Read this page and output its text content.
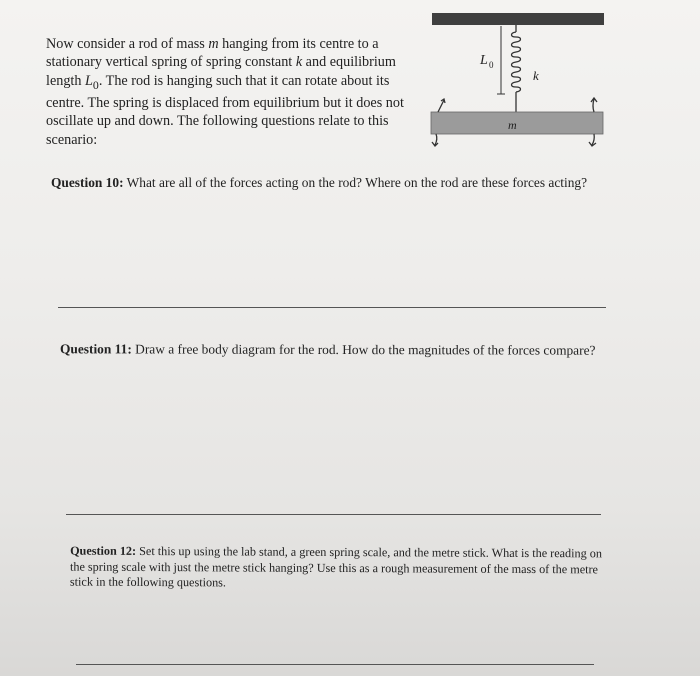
Now consider a rod of mass m hanging from its centre to a stationary vertical spring of spring constant k and equilibrium length $L_0$. The rod is hanging such that it can rotate about its centre. The spring is displaced from equilibrium but it does not oscillate up and down. The following questions relate to this scenario:
L 0
k
m
Question 10: What are all of the forces acting on the rod? Where on the rod are these forces acting?
Question 11: Draw a free body diagram for the rod. How do the magnitudes of the forces compare?
Question 12: Set this up using the lab stand, a green spring scale, and the metre stick. What is the reading on the spring scale with just the metre stick hanging? Use this as a rough measurement of the mass of the metre stick in the following questions.
